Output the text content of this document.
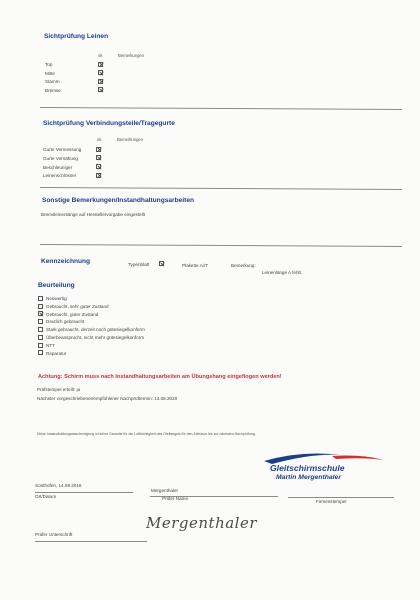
Sichtprüfung Leinen
ok	Bemerkungen
Top
Mitte
Stamm
Bremse
Sichtprüfung Verbindungsteile/Tragegurte
ok	Bemerkungen
Gurte Vermessung
Gurte Vernähung
Beschleuniger
Leinenschlösser
Sonstige Bemerkungen/Instandhaltungsarbeiten
Bremsleinenlänge auf Herstellervorgabe eingestellt
Kennzeichnung	Typenblatt	Plakette AirT	Bemerkung:
Leinenlänge A fehlt.
Beurteilung
Neuwertig
Gebraucht, sehr guter Zustand
Gebraucht, guter Zustand
Deutlich gebraucht
Stark gebraucht, derzeit noch gütesiegelkonform
Überbeansprucht, nicht mehr gütesiegelkonform
NTT
Reparatur
Achtung: Schirm muss nach Instandhaltungsarbeiten am Übungshang eingeflogen werden!
Prüfstempel erteilt: ja
Nächster vorgeschriebener/empfohlener Nachprüftermin: 13.08.2020
Diese Instandhaltungsbescheinigung ist keine Garantie für die Lufttüchtigkeit des Gleitsegels für den Zeitraum bis zur nächsten Nachprüfung.
Gleitschirmschule
Martin Mergenthaler
Sonthofen, 14.08.2018
Mergenthaler
Ort/Datum	Prüfer Name
Firmenstempel
Mergenthaler
Prüfer Unterschrift
